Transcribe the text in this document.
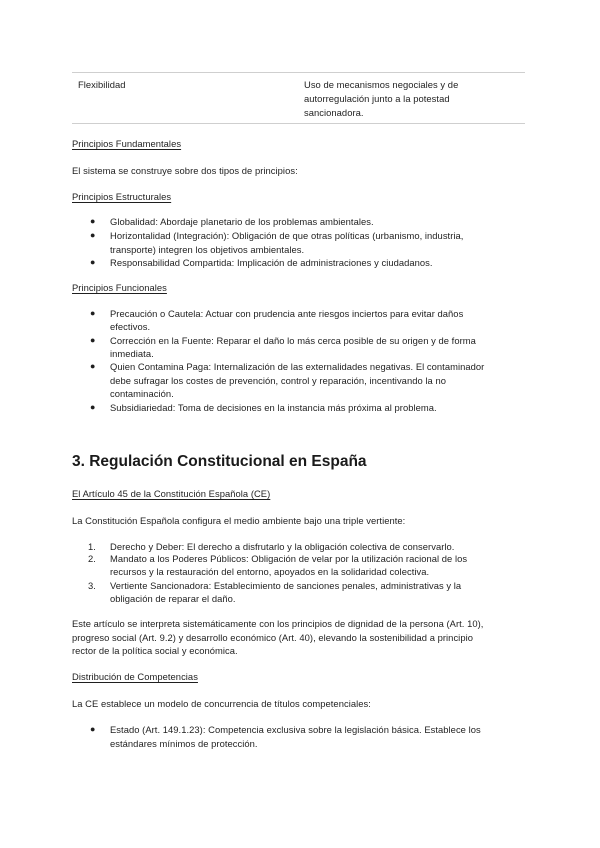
Flexibilidad	Uso de mecanismos negociales y de
autorregulación junto a la potestad
sancionadora.
Principios Fundamentales
El sistema se construye sobre dos tipos de principios:
Principios Estructurales
● Globalidad: Abordaje planetario de los problemas ambientales.
● Horizontalidad (Integración): Obligación de que otras políticas (urbanismo, industria,
transporte) integren los objetivos ambientales.
● Responsabilidad Compartida: Implicación de administraciones y ciudadanos.
Principios Funcionales
● Precaución o Cautela: Actuar con prudencia ante riesgos inciertos para evitar daños
efectivos.
● Corrección en la Fuente: Reparar el daño lo más cerca posible de su origen y de forma
inmediata.
● Quien Contamina Paga: Internalización de las externalidades negativas. El contaminador
debe sufragar los costes de prevención, control y reparación, incentivando la no
contaminación.
● Subsidiariedad: Toma de decisiones en la instancia más próxima al problema.
3. Regulación Constitucional en España
El Artículo 45 de la Constitución Española (CE)
La Constitución Española configura el medio ambiente bajo una triple vertiente:
1. Derecho y Deber: El derecho a disfrutarlo y la obligación colectiva de conservarlo.
2. Mandato a los Poderes Públicos: Obligación de velar por la utilización racional de los
recursos y la restauración del entorno, apoyados en la solidaridad colectiva.
3. Vertiente Sancionadora: Establecimiento de sanciones penales, administrativas y la
obligación de reparar el daño.
Este artículo se interpreta sistemáticamente con los principios de dignidad de la persona (Art. 10),
progreso social (Art. 9.2) y desarrollo económico (Art. 40), elevando la sostenibilidad a principio
rector de la política social y económica.
Distribución de Competencias
La CE establece un modelo de concurrencia de títulos competenciales:
● Estado (Art. 149.1.23): Competencia exclusiva sobre la legislación básica. Establece los
estándares mínimos de protección.
